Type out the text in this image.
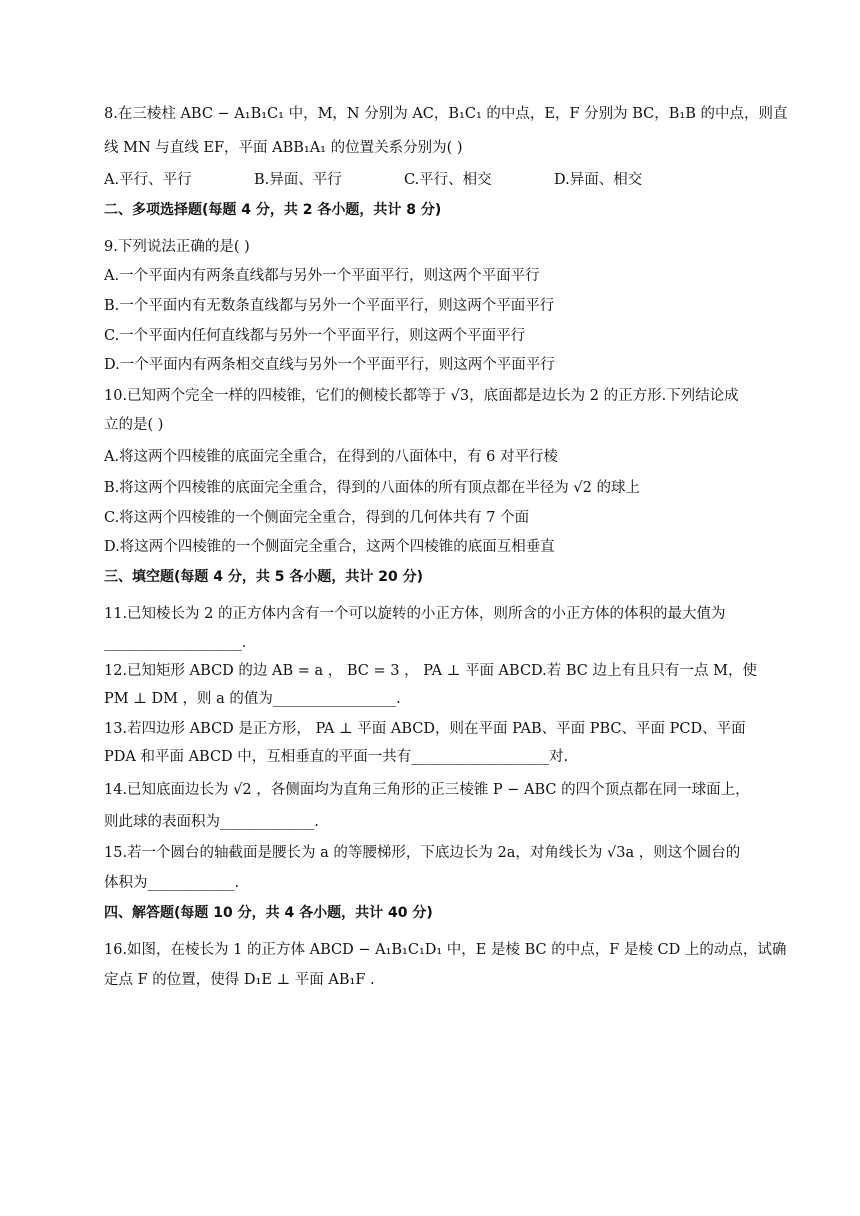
8.在三棱柱 ABC − A₁B₁C₁ 中，M，N 分别为 AC，B₁C₁ 的中点，E，F 分别为 BC，B₁B 的中点，则直
线 MN 与直线 EF，平面 ABB₁A₁ 的位置关系分别为( )
A.平行、平行	B.异面、平行	C.平行、相交	D.异面、相交
二、多项选择题(每题 4 分，共 2 各小题，共计 8 分)
9.下列说法正确的是( )
A.一个平面内有两条直线都与另外一个平面平行，则这两个平面平行
B.一个平面内有无数条直线都与另外一个平面平行，则这两个平面平行
C.一个平面内任何直线都与另外一个平面平行，则这两个平面平行
D.一个平面内有两条相交直线与另外一个平面平行，则这两个平面平行
10.已知两个完全一样的四棱锥，它们的侧棱长都等于 √3，底面都是边长为 2 的正方形.下列结论成
立的是( )
A.将这两个四棱锥的底面完全重合，在得到的八面体中，有 6 对平行棱
B.将这两个四棱锥的底面完全重合，得到的八面体的所有顶点都在半径为 √2 的球上
C.将这两个四棱锥的一个侧面完全重合，得到的几何体共有 7 个面
D.将这两个四棱锥的一个侧面完全重合，这两个四棱锥的底面互相垂直
三、填空题(每题 4 分，共 5 各小题，共计 20 分)
11.已知棱长为 2 的正方体内含有一个可以旋转的小正方体，则所含的小正方体的体积的最大值为
___________________.
12.已知矩形 ABCD 的边 AB = a ， BC = 3 ， PA ⊥ 平面 ABCD.若 BC 边上有且只有一点 M，使
PM ⊥ DM ，则 a 的值为_________________.
13.若四边形 ABCD 是正方形， PA ⊥ 平面 ABCD，则在平面 PAB、平面 PBC、平面 PCD、平面
PDA 和平面 ABCD 中，互相垂直的平面一共有___________________对.
14.已知底面边长为 √2 ，各侧面均为直角三角形的正三棱锥 P − ABC 的四个顶点都在同一球面上，
则此球的表面积为_____________.
15.若一个圆台的轴截面是腰长为 a 的等腰梯形，下底边长为 2a，对角线长为 √3a ，则这个圆台的
体积为____________.
四、解答题(每题 10 分，共 4 各小题，共计 40 分)
16.如图，在棱长为 1 的正方体 ABCD − A₁B₁C₁D₁ 中，E 是棱 BC 的中点，F 是棱 CD 上的动点，试确
定点 F 的位置，使得 D₁E ⊥ 平面 AB₁F .
